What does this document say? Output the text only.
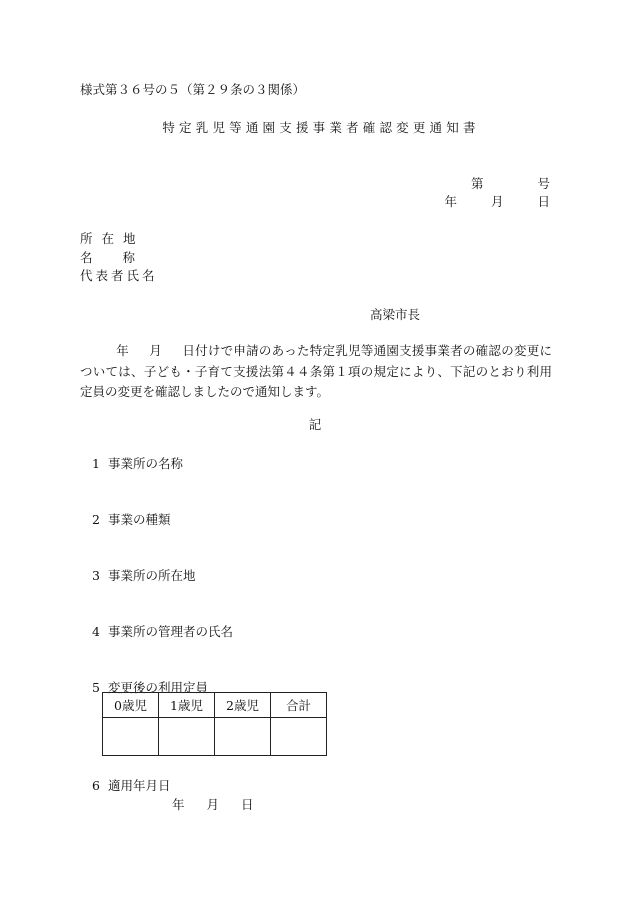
様式第３６号の５（第２９条の３関係）
特定乳児等通園支援事業者確認変更通知書
第	号
年	月	日
所在地
名称
代表者氏名
高梁市長
年 月 日付けで申請のあった特定乳児等通園支援事業者の確認の変更については、子ども・子育て支援法第４４条第１項の規定により、下記のとおり利用定員の変更を確認しましたので通知します。
記
1 事業所の名称
2 事業の種類
3 事業所の所在地
4 事業所の管理者の氏名
5 変更後の利用定員
0歳児	1歳児	2歳児	合計

6 適用年月日
年 月 日
